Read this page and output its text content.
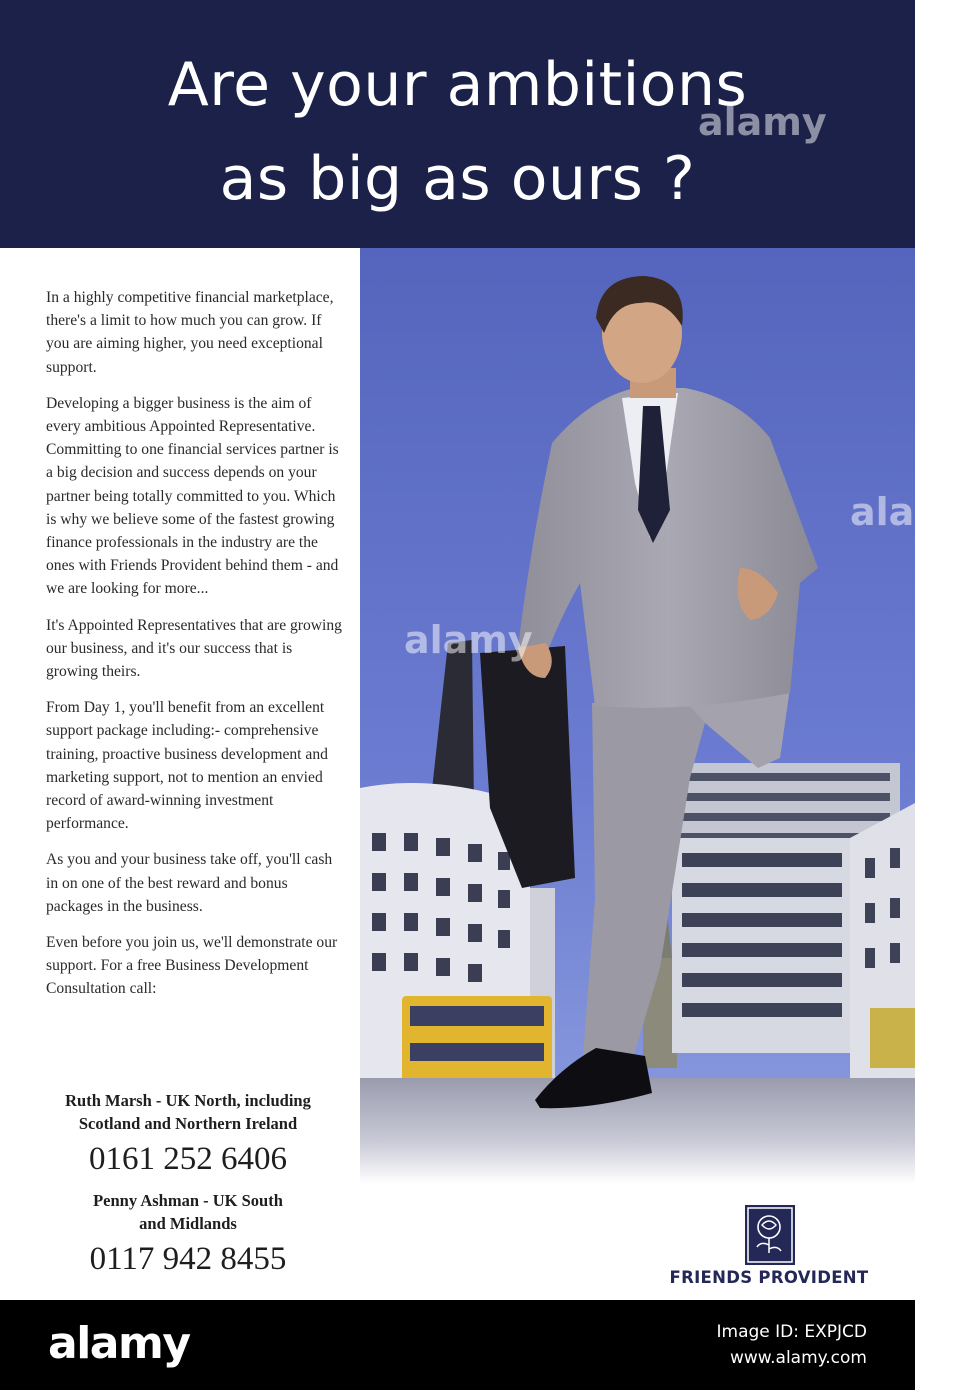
Are your ambitions
as big as ours ?

In a highly competitive financial marketplace, there's a limit to how much you can grow. If you are aiming higher, you need exceptional support.

Developing a bigger business is the aim of every ambitious Appointed Representative. Committing to one financial services partner is a big decision and success depends on your partner being totally committed to you. Which is why we believe some of the fastest growing finance professionals in the industry are the ones with Friends Provident behind them - and we are looking for more...

It's Appointed Representatives that are growing our business, and it's our success that is growing theirs.

From Day 1, you'll benefit from an excellent support package including:- comprehensive training, proactive business development and marketing support, not to mention an envied record of award-winning investment performance.

As you and your business take off, you'll cash in on one of the best reward and bonus packages in the business.

Even before you join us, we'll demonstrate our support. For a free Business Development Consultation call:

Ruth Marsh - UK North, including
Scotland and Northern Ireland
0161 252 6406
Penny Ashman - UK South
and Midlands
0117 942 8455
alamy
alamy
alamy
FRIENDS PROVIDENT
alamy	Image ID: EXPJCD
www.alamy.com
